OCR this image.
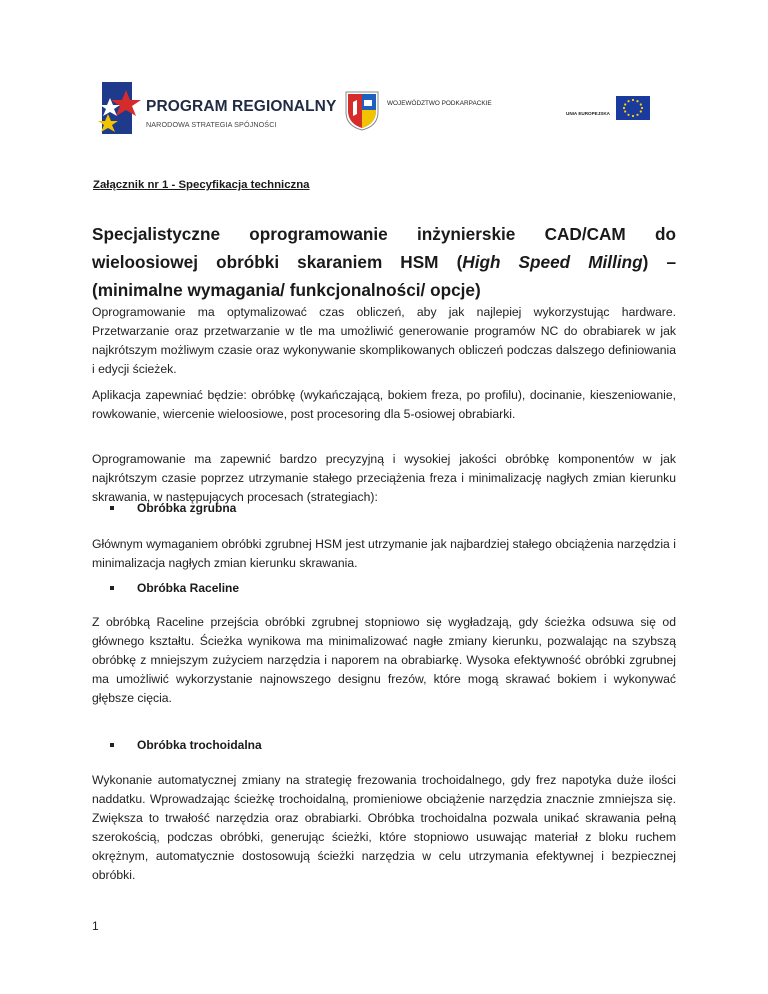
PROGRAM REGIONALNY
NARODOWA STRATEGIA SPÓJNOŚCI
WOJEWÓDZTWO PODKARPACKIE
UNIA EUROPEJSKA
Załącznik nr 1 - Specyfikacja techniczna
Specjalistyczne oprogramowanie inżynierskie CAD/CAM do wieloosiowej obróbki skaraniem HSM (High Speed Milling) – (minimalne wymagania/ funkcjonalności/ opcje)

Oprogramowanie ma optymalizować czas obliczeń, aby jak najlepiej wykorzystując hardware. Przetwarzanie oraz przetwarzanie w tle ma umożliwić generowanie programów NC do obrabiarek w jak najkrótszym możliwym czasie oraz wykonywanie skomplikowanych obliczeń podczas dalszego definiowania i edycji ścieżek.

Aplikacja zapewniać będzie: obróbkę (wykańczającą, bokiem freza, po profilu), docinanie, kieszeniowanie, rowkowanie, wiercenie wieloosiowe, post procesoring dla 5-osiowej obrabiarki.

Oprogramowanie ma zapewnić bardzo precyzyjną i wysokiej jakości obróbkę komponentów w jak najkrótszym czasie poprzez utrzymanie stałego przeciążenia freza i minimalizację nagłych zmian kierunku skrawania, w następujących procesach (strategiach):

Obróbka zgrubna

Głównym wymaganiem obróbki zgrubnej HSM jest utrzymanie jak najbardziej stałego obciążenia narzędzia i minimalizacja nagłych zmian kierunku skrawania.

Obróbka Raceline

Z obróbką Raceline przejścia obróbki zgrubnej stopniowo się wygładzają, gdy ścieżka odsuwa się od głównego kształtu. Ścieżka wynikowa ma minimalizować nagłe zmiany kierunku, pozwalając na szybszą obróbkę z mniejszym zużyciem narzędzia i naporem na obrabiarkę. Wysoka efektywność obróbki zgrubnej ma umożliwić wykorzystanie najnowszego designu frezów, które mogą skrawać bokiem i wykonywać głębsze cięcia.

Obróbka trochoidalna

Wykonanie automatycznej zmiany na strategię frezowania trochoidalnego, gdy frez napotyka duże ilości naddatku. Wprowadzając ścieżkę trochoidalną, promieniowe obciążenie narzędzia znacznie zmniejsza się. Zwiększa to trwałość narzędzia oraz obrabiarki. Obróbka trochoidalna pozwala unikać skrawania pełną szerokością, podczas obróbki, generując ścieżki, które stopniowo usuwając materiał z bloku ruchem okrężnym, automatycznie dostosowują ścieżki narzędzia w celu utrzymania efektywnej i bezpiecznej obróbki.

1
